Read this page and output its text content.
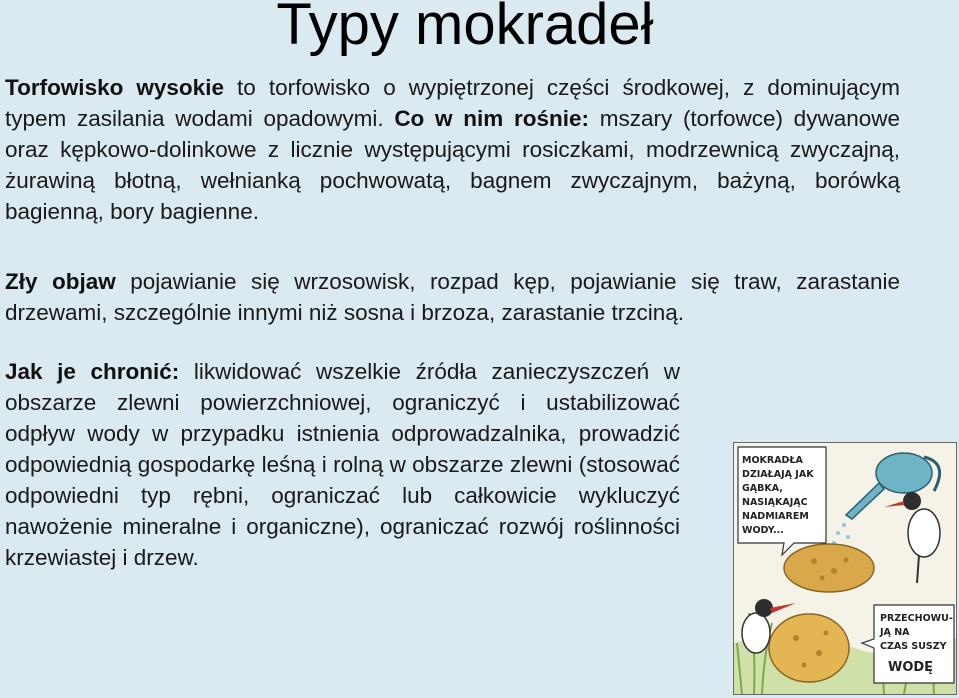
Typy mokradeł

Torfowisko wysokie to torfowisko o wypiętrzonej części środkowej, z dominującym typem zasilania wodami opadowymi. Co w nim rośnie: mszary (torfowce) dywanowe oraz kępkowo-dolinkowe z licznie występującymi rosiczkami, modrzewnicą zwyczajną, żurawiną błotną, wełnianką pochwowatą, bagnem zwyczajnym, bażyną, borówką bagienną, bory bagienne.

Zły objaw pojawianie się wrzosowisk, rozpad kęp, pojawianie się traw, zarastanie drzewami, szczególnie innymi niż sosna i brzoza, zarastanie trzciną.

Jak je chronić: likwidować wszelkie źródła zanieczyszczeń w obszarze zlewni powierzchniowej, ograniczyć i ustabilizować odpływ wody w przypadku istnienia odprowadzalnika, prowadzić odpowiednią gospodarkę leśną i rolną w obszarze zlewni (stosować odpowiedni typ rębni, ograniczać lub całkowicie wykluczyć nawożenie mineralne i organiczne), ograniczać rozwój roślinności krzewiastej i drzew.

MOKRADŁA
DZIAŁAJĄ JAK
GĄBKA,
NASIĄKAJĄC
NADMIAREM
WODY...
PRZECHOWU-
JĄ NA
CZAS SUSZY
WODĘ
